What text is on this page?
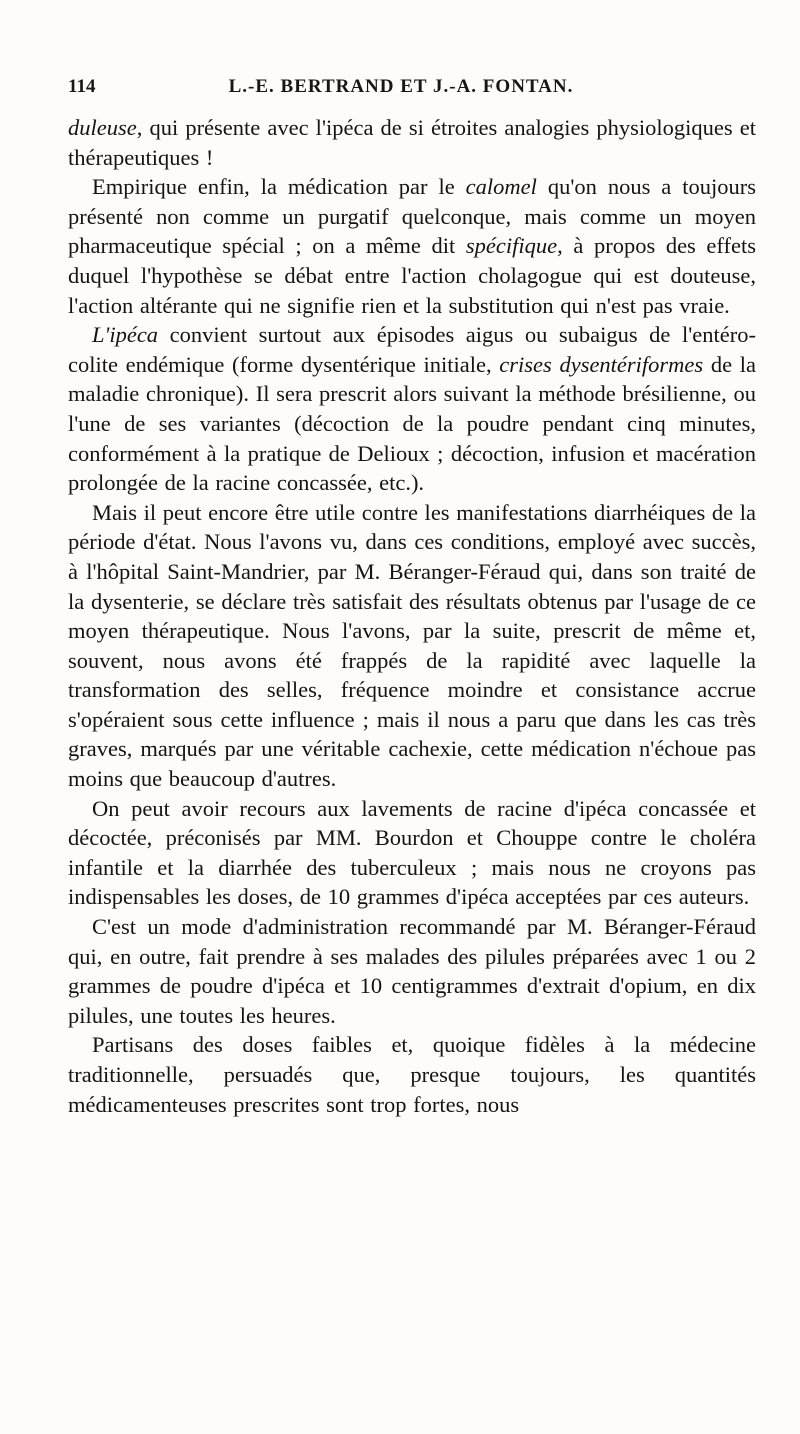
114	L.-E. BERTRAND ET J.-A. FONTAN.

duleuse, qui présente avec l'ipéca de si étroites analogies physiologiques et thérapeutiques !

Empirique enfin, la médication par le calomel qu'on nous a toujours présenté non comme un purgatif quelconque, mais comme un moyen pharmaceutique spécial ; on a même dit spécifique, à propos des effets duquel l'hypothèse se débat entre l'action cholagogue qui est douteuse, l'action altérante qui ne signifie rien et la substitution qui n'est pas vraie.

L'ipéca convient surtout aux épisodes aigus ou subaigus de l'entéro-colite endémique (forme dysentérique initiale, crises dysentériformes de la maladie chronique). Il sera prescrit alors suivant la méthode brésilienne, ou l'une de ses variantes (décoction de la poudre pendant cinq minutes, conformément à la pratique de Delioux ; décoction, infusion et macération prolongée de la racine concassée, etc.).

Mais il peut encore être utile contre les manifestations diarrhéiques de la période d'état. Nous l'avons vu, dans ces conditions, employé avec succès, à l'hôpital Saint-Mandrier, par M. Béranger-Féraud qui, dans son traité de la dysenterie, se déclare très satisfait des résultats obtenus par l'usage de ce moyen thérapeutique. Nous l'avons, par la suite, prescrit de même et, souvent, nous avons été frappés de la rapidité avec laquelle la transformation des selles, fréquence moindre et consistance accrue s'opéraient sous cette influence ; mais il nous a paru que dans les cas très graves, marqués par une véritable cachexie, cette médication n'échoue pas moins que beaucoup d'autres.

On peut avoir recours aux lavements de racine d'ipéca concassée et décoctée, préconisés par MM. Bourdon et Chouppe contre le choléra infantile et la diarrhée des tuberculeux ; mais nous ne croyons pas indispensables les doses, de 10 grammes d'ipéca acceptées par ces auteurs.

C'est un mode d'administration recommandé par M. Béranger-Féraud qui, en outre, fait prendre à ses malades des pilules préparées avec 1 ou 2 grammes de poudre d'ipéca et 10 centigrammes d'extrait d'opium, en dix pilules, une toutes les heures.

Partisans des doses faibles et, quoique fidèles à la médecine traditionnelle, persuadés que, presque toujours, les quantités médicamenteuses prescrites sont trop fortes, nous
